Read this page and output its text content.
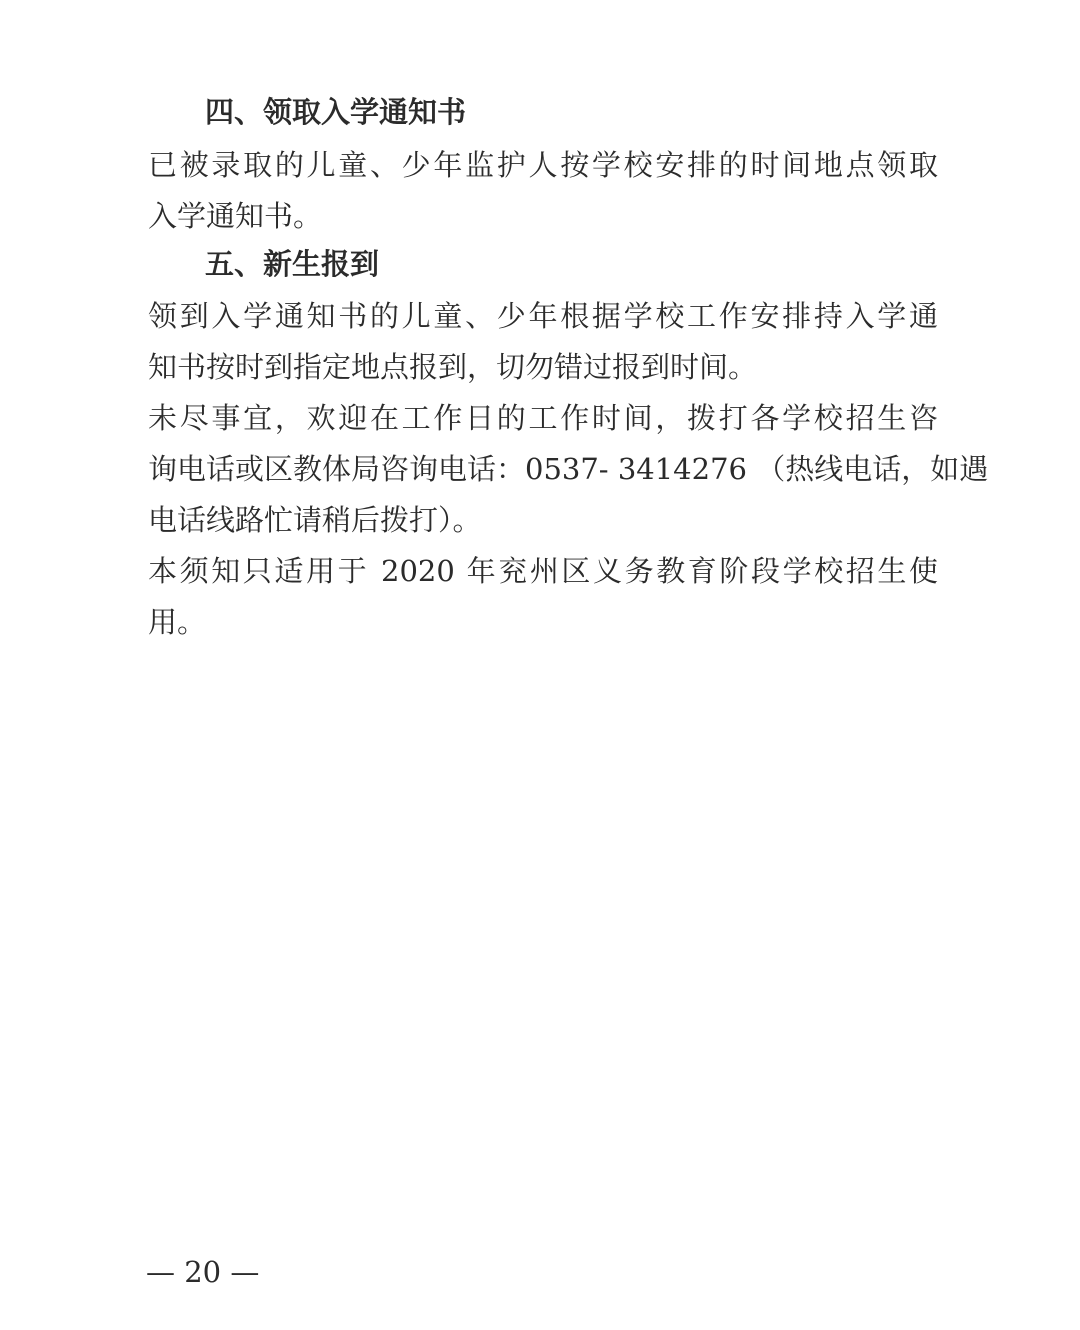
四、领取入学通知书
已被录取的儿童、少年监护人按学校安排的时间地点领取
入学通知书。
五、新生报到
领到入学通知书的儿童、少年根据学校工作安排持入学通
知书按时到指定地点报到，切勿错过报到时间。
未尽事宜，欢迎在工作日的工作时间，拨打各学校招生咨
询电话或区教体局咨询电话：0537- 3414276 （热线电话，如遇
电话线路忙请稍后拨打）。
本须知只适用于 2020 年兖州区义务教育阶段学校招生使
用。
— 20 —
